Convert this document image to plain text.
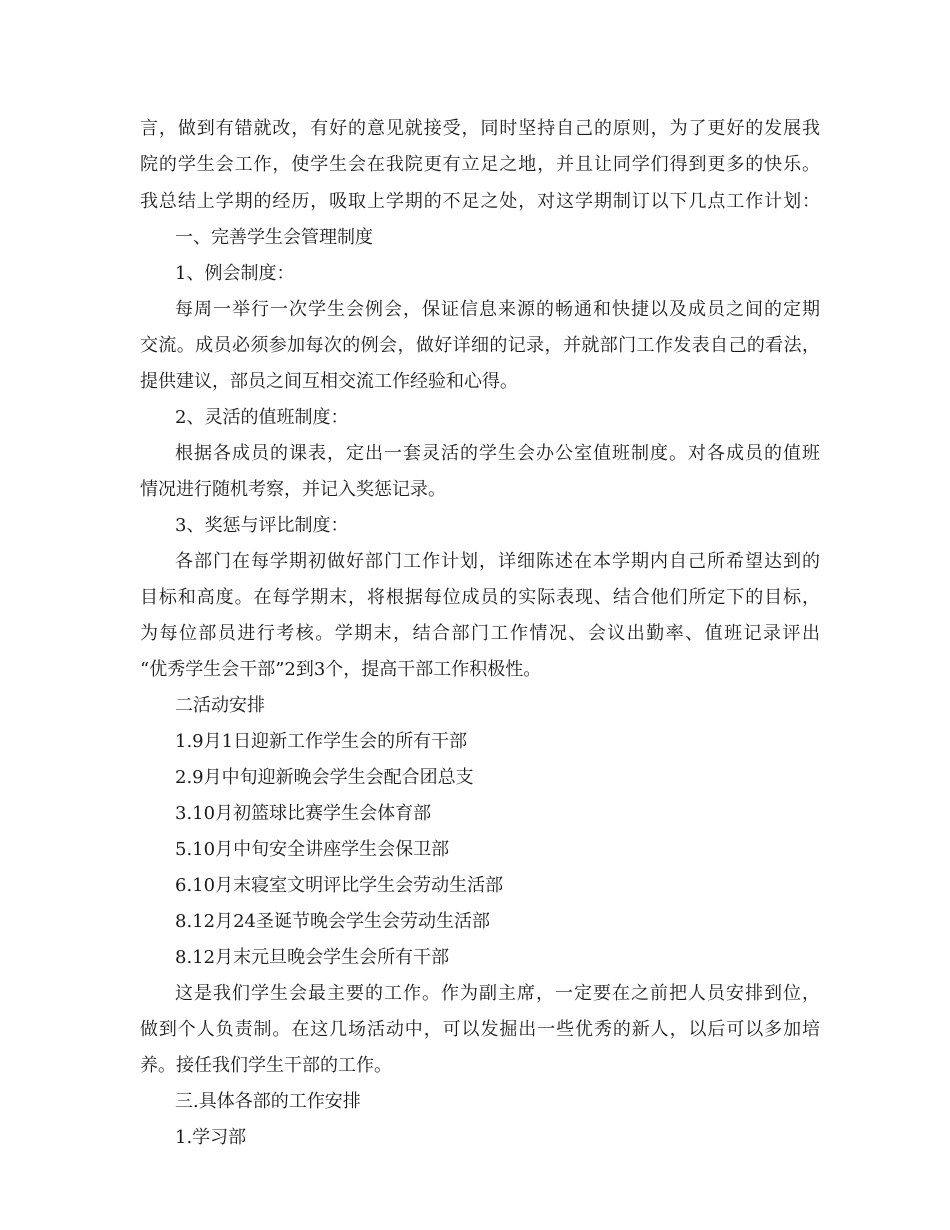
言，做到有错就改，有好的意见就接受，同时坚持自己的原则，为了更好的发展我
院的学生会工作，使学生会在我院更有立足之地，并且让同学们得到更多的快乐。
我总结上学期的经历，吸取上学期的不足之处，对这学期制订以下几点工作计划：
一、完善学生会管理制度
1、例会制度：
每周一举行一次学生会例会，保证信息来源的畅通和快捷以及成员之间的定期
交流。成员必须参加每次的例会，做好详细的记录，并就部门工作发表自己的看法，
提供建议，部员之间互相交流工作经验和心得。
2、灵活的值班制度：
根据各成员的课表，定出一套灵活的学生会办公室值班制度。对各成员的值班
情况进行随机考察，并记入奖惩记录。
3、奖惩与评比制度：
各部门在每学期初做好部门工作计划，详细陈述在本学期内自己所希望达到的
目标和高度。在每学期末，将根据每位成员的实际表现、结合他们所定下的目标，
为每位部员进行考核。学期末，结合部门工作情况、会议出勤率、值班记录评出
“优秀学生会干部”2到3个，提高干部工作积极性。
二活动安排
1.9月1日迎新工作学生会的所有干部
2.9月中旬迎新晚会学生会配合团总支
3.10月初篮球比赛学生会体育部
5.10月中旬安全讲座学生会保卫部
6.10月末寝室文明评比学生会劳动生活部
8.12月24圣诞节晚会学生会劳动生活部
8.12月末元旦晚会学生会所有干部
这是我们学生会最主要的工作。作为副主席，一定要在之前把人员安排到位，
做到个人负责制。在这几场活动中，可以发掘出一些优秀的新人，以后可以多加培
养。接任我们学生干部的工作。
三.具体各部的工作安排
1.学习部
